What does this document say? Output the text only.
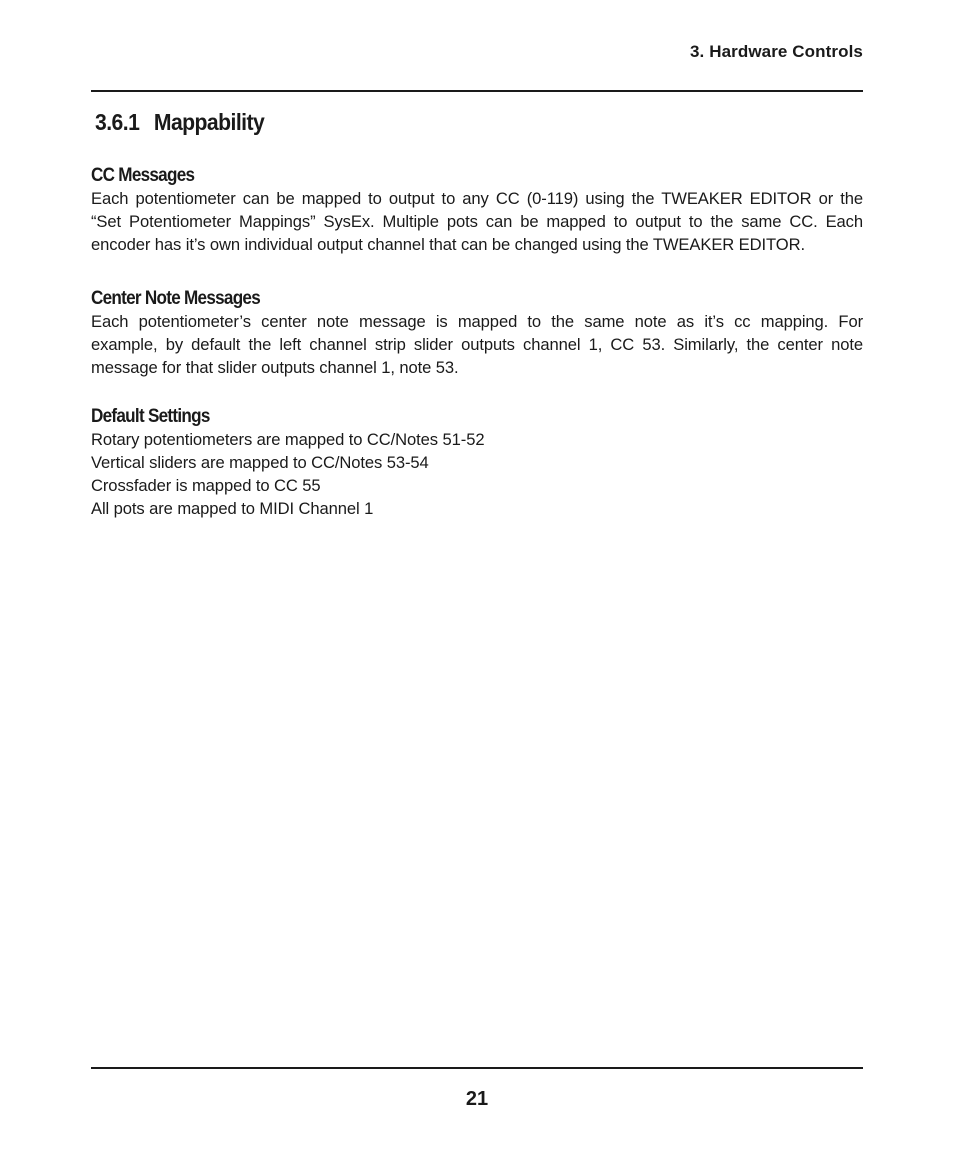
3. Hardware Controls
3.6.1 Mappability
CC Messages
Each potentiometer can be mapped to output to any CC (0-119) using the TWEAKER EDITOR or the
“Set Potentiometer Mappings” SysEx. Multiple pots can be mapped to output to the same CC. Each
encoder has it’s own individual output channel that can be changed using the TWEAKER EDITOR.
Center Note Messages
Each potentiometer’s center note message is mapped to the same note as it’s cc mapping. For
example, by default the left channel strip slider outputs channel 1, CC 53. Similarly, the center note
message for that slider outputs channel 1, note 53.
Default Settings
Rotary potentiometers are mapped to CC/Notes 51-52
Vertical sliders are mapped to CC/Notes 53-54
Crossfader is mapped to CC 55
All pots are mapped to MIDI Channel 1
21
